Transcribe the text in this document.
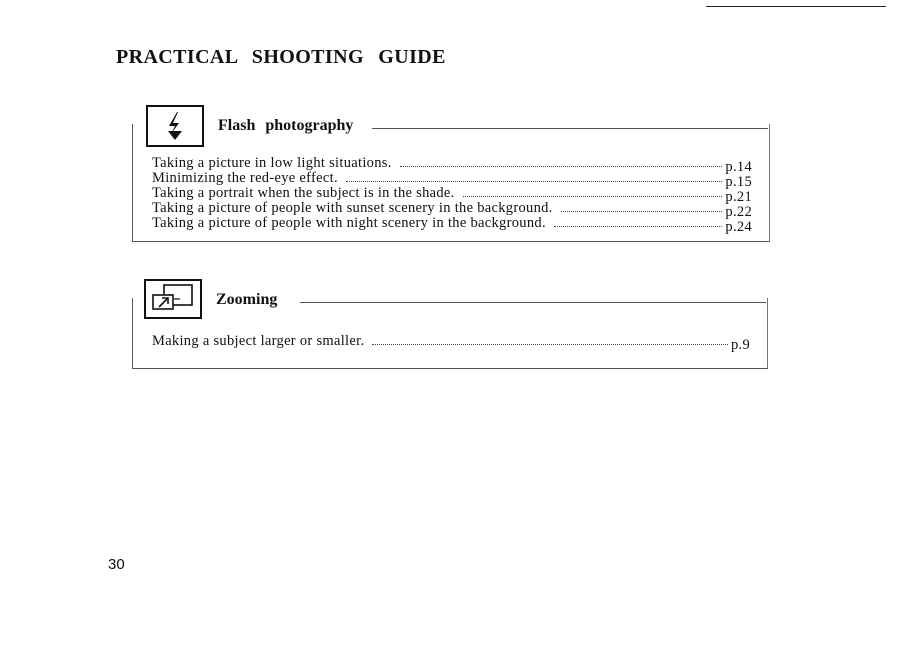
PRACTICAL SHOOTING GUIDE
Flash photography
Taking a picture in low light situations.	p.14
Minimizing the red-eye effect.	p.15
Taking a portrait when the subject is in the shade.	p.21
Taking a picture of people with sunset scenery in the background.	p.22
Taking a picture of people with night scenery in the background.	p.24
Zooming
Making a subject larger or smaller.	p.9
30
